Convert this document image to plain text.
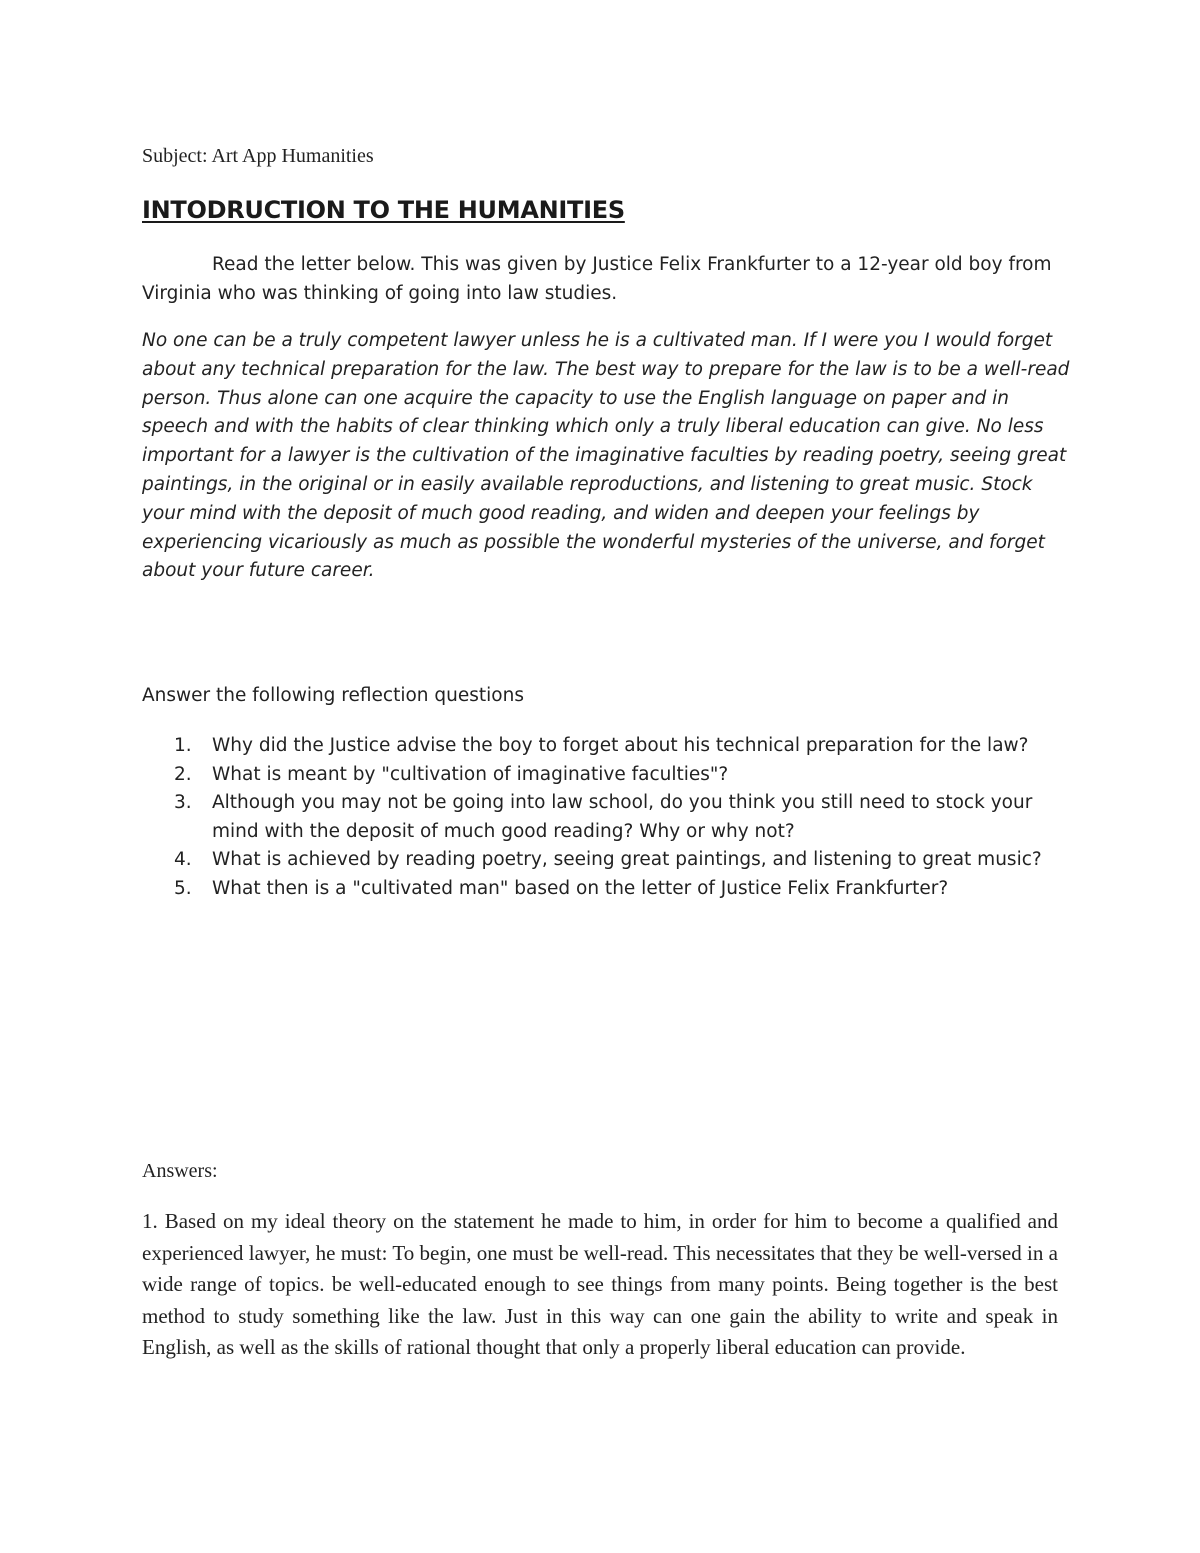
Subject: Art App Humanities
INTODRUCTION TO THE HUMANITIES

Read the letter below. This was given by Justice Felix Frankfurter to a 12-year old boy from Virginia who was thinking of going into law studies.

No one can be a truly competent lawyer unless he is a cultivated man. If I were you I would forget about any technical preparation for the law. The best way to prepare for the law is to be a well-read person. Thus alone can one acquire the capacity to use the English language on paper and in speech and with the habits of clear thinking which only a truly liberal education can give. No less important for a lawyer is the cultivation of the imaginative faculties by reading poetry, seeing great paintings, in the original or in easily available reproductions, and listening to great music. Stock your mind with the deposit of much good reading, and widen and deepen your feelings by experiencing vicariously as much as possible the wonderful mysteries of the universe, and forget about your future career.

Answer the following reflection questions
1. Why did the Justice advise the boy to forget about his technical preparation for the law?
2. What is meant by "cultivation of imaginative faculties"?
3. Although you may not be going into law school, do you think you still need to stock your mind with the deposit of much good reading? Why or why not?
4. What is achieved by reading poetry, seeing great paintings, and listening to great music?
5. What then is a "cultivated man" based on the letter of Justice Felix Frankfurter?
Answers:

1. Based on my ideal theory on the statement he made to him, in order for him to become a qualified and experienced lawyer, he must: To begin, one must be well-read. This necessitates that they be well-versed in a wide range of topics. be well-educated enough to see things from many points. Being together is the best method to study something like the law. Just in this way can one gain the ability to write and speak in English, as well as the skills of rational thought that only a properly liberal education can provide.
